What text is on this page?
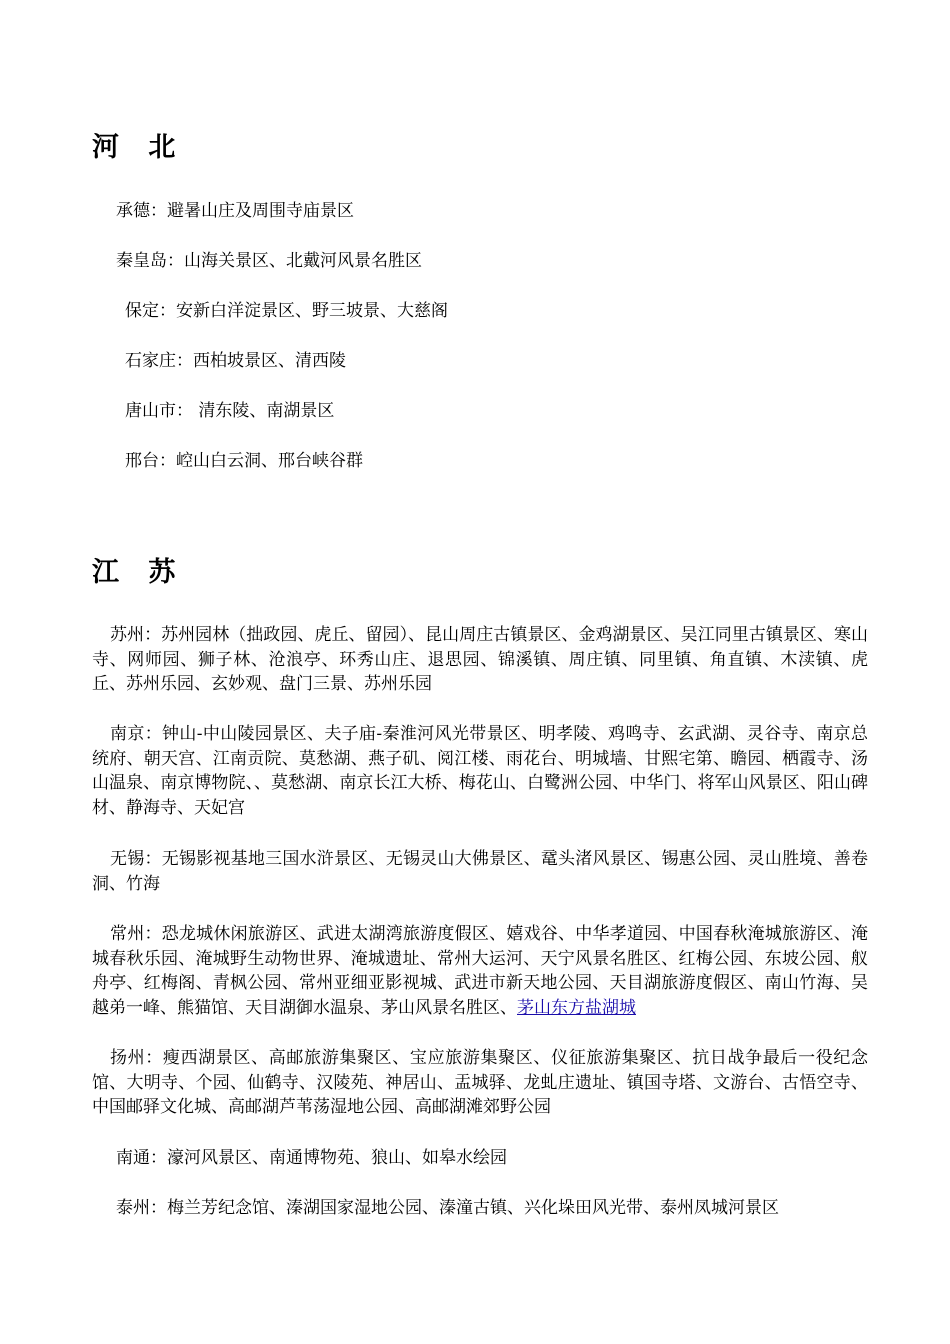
河 北

承德：避暑山庄及周围寺庙景区

秦皇岛：山海关景区、北戴河风景名胜区

保定：安新白洋淀景区、野三坡景、大慈阁

石家庄：西柏坡景区、清西陵

唐山市： 清东陵、南湖景区

邢台：崆山白云洞、邢台峡谷群

江 苏

苏州：苏州园林（拙政园、虎丘、留园）、昆山周庄古镇景区、金鸡湖景区、吴江同里古镇景区、寒山寺、网师园、狮子林、沧浪亭、环秀山庄、退思园、锦溪镇、周庄镇、同里镇、角直镇、木渎镇、虎丘、苏州乐园、玄妙观、盘门三景、苏州乐园

南京：钟山-中山陵园景区、夫子庙-秦淮河风光带景区、明孝陵、鸡鸣寺、玄武湖、灵谷寺、南京总统府、朝天宫、江南贡院、莫愁湖、燕子矶、阅江楼、雨花台、明城墙、甘熙宅第、瞻园、栖霞寺、汤山温泉、南京博物院、、莫愁湖、南京长江大桥、梅花山、白鹭洲公园、中华门、将军山风景区、阳山碑材、静海寺、天妃宫

无锡：无锡影视基地三国水浒景区、无锡灵山大佛景区、鼋头渚风景区、锡惠公园、灵山胜境、善卷洞、竹海

常州：恐龙城休闲旅游区、武进太湖湾旅游度假区、嬉戏谷、中华孝道园、中国春秋淹城旅游区、淹城春秋乐园、淹城野生动物世界、淹城遗址、常州大运河、天宁风景名胜区、红梅公园、东坡公园、舣舟亭、红梅阁、青枫公园、常州亚细亚影视城、武进市新天地公园、天目湖旅游度假区、南山竹海、吴越弟一峰、熊猫馆、天目湖御水温泉、茅山风景名胜区、茅山东方盐湖城

扬州：瘦西湖景区、高邮旅游集聚区、宝应旅游集聚区、仪征旅游集聚区、抗日战争最后一役纪念馆、大明寺、个园、仙鹤寺、汉陵苑、神居山、盂城驿、龙虬庄遗址、镇国寺塔、文游台、古悟空寺、中国邮驿文化城、高邮湖芦苇荡湿地公园、高邮湖滩郊野公园

南通：濠河风景区、南通博物苑、狼山、如皋水绘园

泰州：梅兰芳纪念馆、溱湖国家湿地公园、溱潼古镇、兴化垛田风光带、泰州凤城河景区
